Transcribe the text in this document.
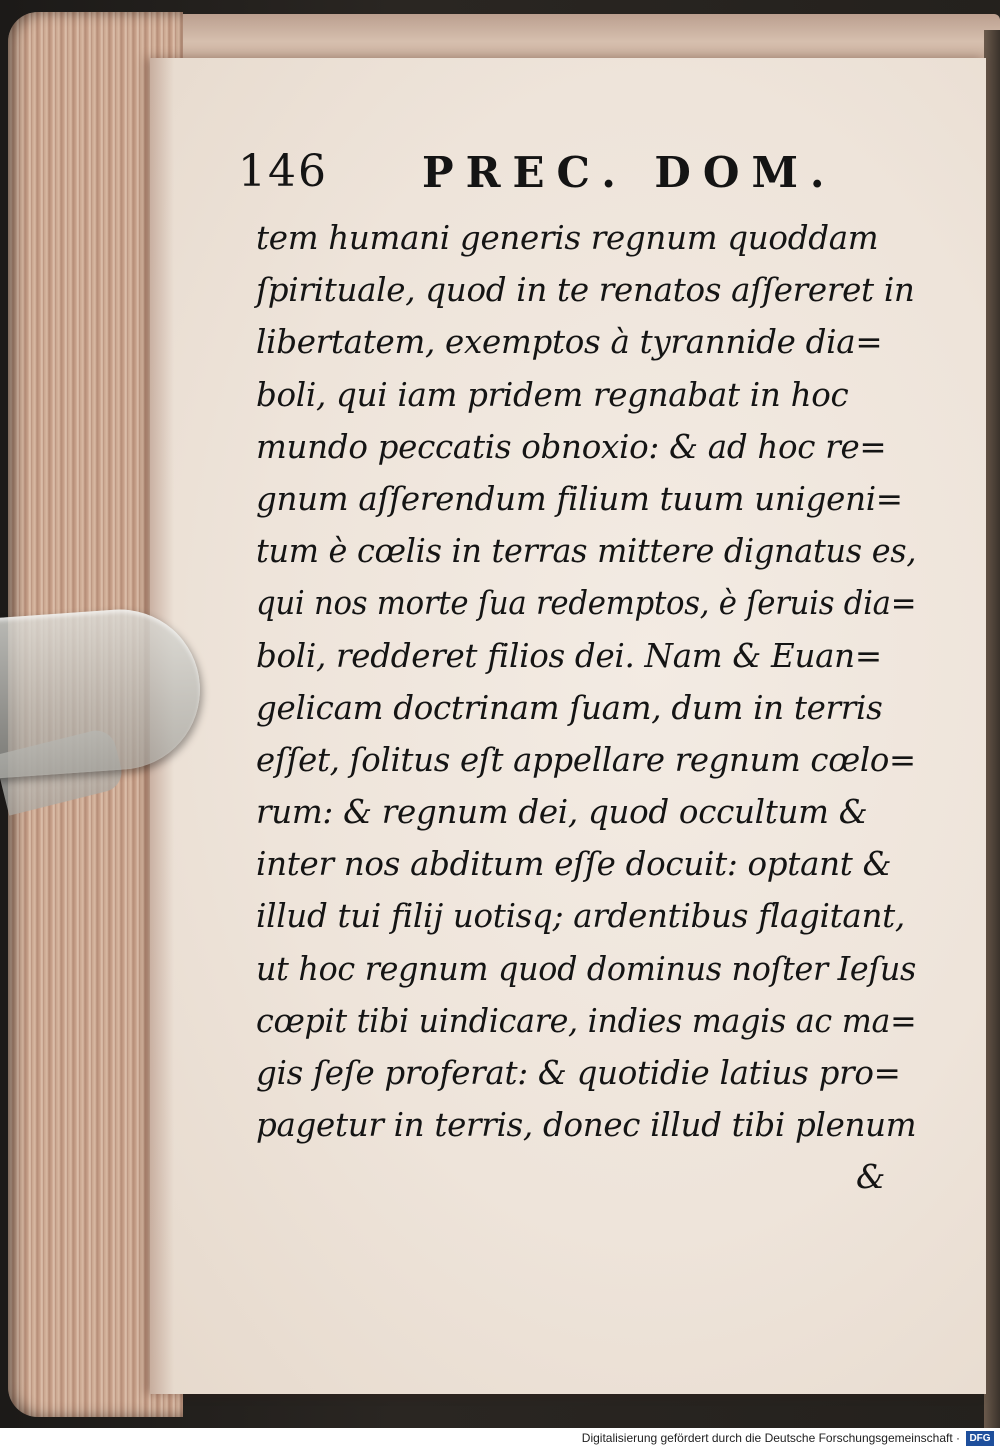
146 PREC. DOM.
tem humani generis regnum quoddam
ſpirituale, quod in te renatos aſſereret in
libertatem, exemptos à tyrannide dia=
boli, qui iam pridem regnabat in hoc
mundo peccatis obnoxio: & ad hoc re=
gnum aſſerendum filium tuum unigeni=
tum è cœlis in terras mittere dignatus es,
qui nos morte ſua redemptos, è ſeruis dia=
boli, redderet filios dei. Nam & Euan=
gelicam doctrinam ſuam, dum in terris
eſſet, ſolitus eſt appellare regnum cœlo=
rum: & regnum dei, quod occultum &
inter nos abditum eſſe docuit: optant &
illud tui filij uotisq; ardentibus flagitant,
ut hoc regnum quod dominus noſter Ieſus
cœpit tibi uindicare, indies magis ac ma=
gis ſeſe proferat: & quotidie latius pro=
pagetur in terris, donec illud tibi plenum
&
Digitalisierung gefördert durch die Deutsche Forschungsgemeinschaft · DFG
